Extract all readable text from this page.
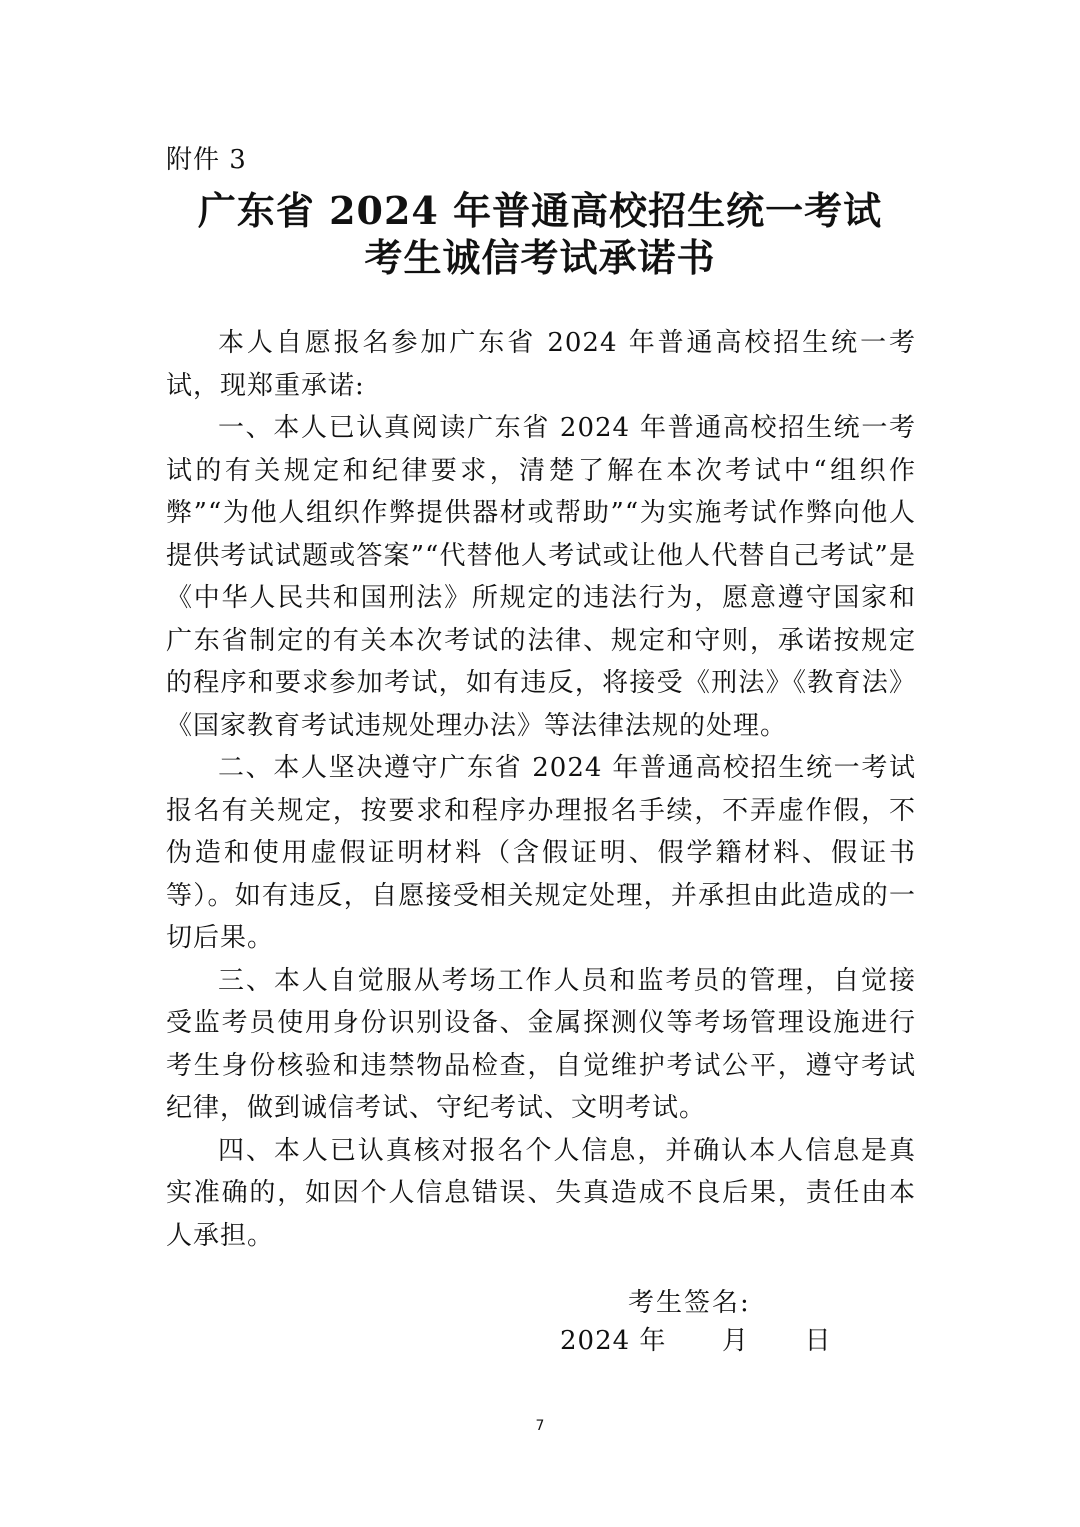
附件 3
广东省 2024 年普通高校招生统一考试
考生诚信考试承诺书

本人自愿报名参加广东省 2024 年普通高校招生统一考试，现郑重承诺:

一、本人已认真阅读广东省 2024 年普通高校招生统一考试的有关规定和纪律要求，清楚了解在本次考试中“组织作弊”“为他人组织作弊提供器材或帮助”“为实施考试作弊向他人提供考试试题或答案”“代替他人考试或让他人代替自己考试”是《中华人民共和国刑法》所规定的违法行为，愿意遵守国家和广东省制定的有关本次考试的法律、规定和守则，承诺按规定的程序和要求参加考试，如有违反，将接受《刑法》《教育法》《国家教育考试违规处理办法》等法律法规的处理。

二、本人坚决遵守广东省 2024 年普通高校招生统一考试报名有关规定，按要求和程序办理报名手续，不弄虚作假，不伪造和使用虚假证明材料（含假证明、假学籍材料、假证书等）。如有违反，自愿接受相关规定处理，并承担由此造成的一切后果。

三、本人自觉服从考场工作人员和监考员的管理，自觉接受监考员使用身份识别设备、金属探测仪等考场管理设施进行考生身份核验和违禁物品检查，自觉维护考试公平，遵守考试纪律，做到诚信考试、守纪考试、文明考试。

四、本人已认真核对报名个人信息，并确认本人信息是真实准确的，如因个人信息错误、失真造成不良后果，责任由本人承担。

考生签名:
2024 年      月      日
7
